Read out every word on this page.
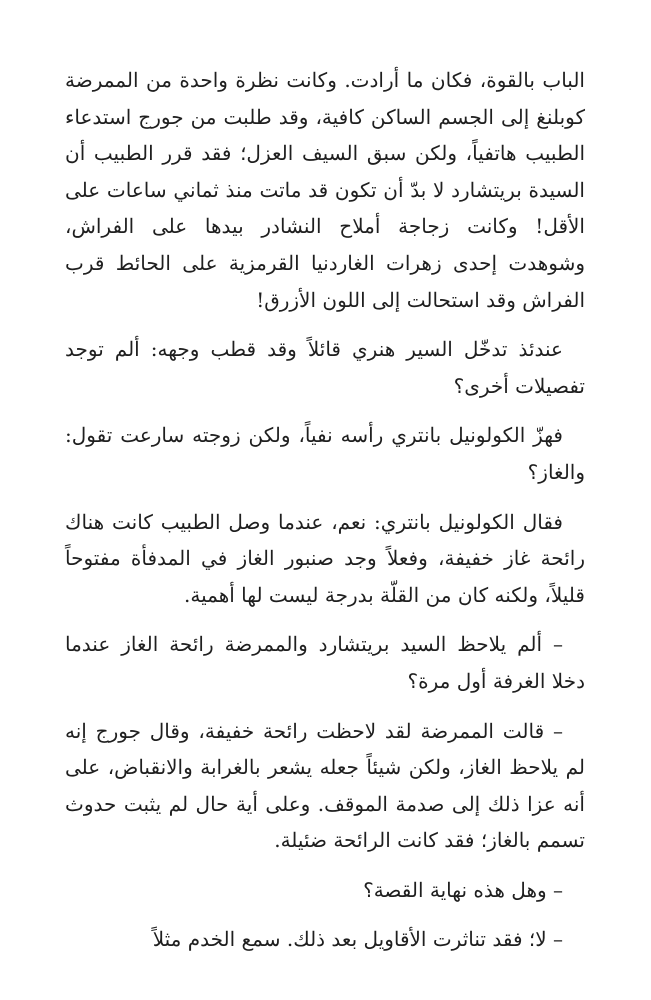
الباب بالقوة، فكان ما أرادت. وكانت نظرة واحدة من الممرضة كوبلنغ إلى الجسم الساكن كافية، وقد طلبت من جورج استدعاء الطبيب هاتفياً، ولكن سبق السيف العزل؛ فقد قرر الطبيب أن السيدة بريتشارد لا بدّ أن تكون قد ماتت منذ ثماني ساعات على الأقل! وكانت زجاجة أملاح النشادر بيدها على الفراش، وشوهدت إحدى زهرات الغاردنيا القرمزية على الحائط قرب الفراش وقد استحالت إلى اللون الأزرق!

عندئذ تدخّل السير هنري قائلاً وقد قطب وجهه: ألم توجد تفصيلات أخرى؟

فهزّ الكولونيل بانتري رأسه نفياً، ولكن زوجته سارعت تقول: والغاز؟

فقال الكولونيل بانتري: نعم، عندما وصل الطبيب كانت هناك رائحة غاز خفيفة، وفعلاً وجد صنبور الغاز في المدفأة مفتوحاً قليلاً، ولكنه كان من القلّة بدرجة ليست لها أهمية.

– ألم يلاحظ السيد بريتشارد والممرضة رائحة الغاز عندما دخلا الغرفة أول مرة؟

– قالت الممرضة لقد لاحظت رائحة خفيفة، وقال جورج إنه لم يلاحظ الغاز، ولكن شيئاً جعله يشعر بالغرابة والانقباض، على أنه عزا ذلك إلى صدمة الموقف. وعلى أية حال لم يثبت حدوث تسمم بالغاز؛ فقد كانت الرائحة ضئيلة.

– وهل هذه نهاية القصة؟

– لا؛ فقد تناثرت الأقاويل بعد ذلك. سمع الخدم مثلاً
